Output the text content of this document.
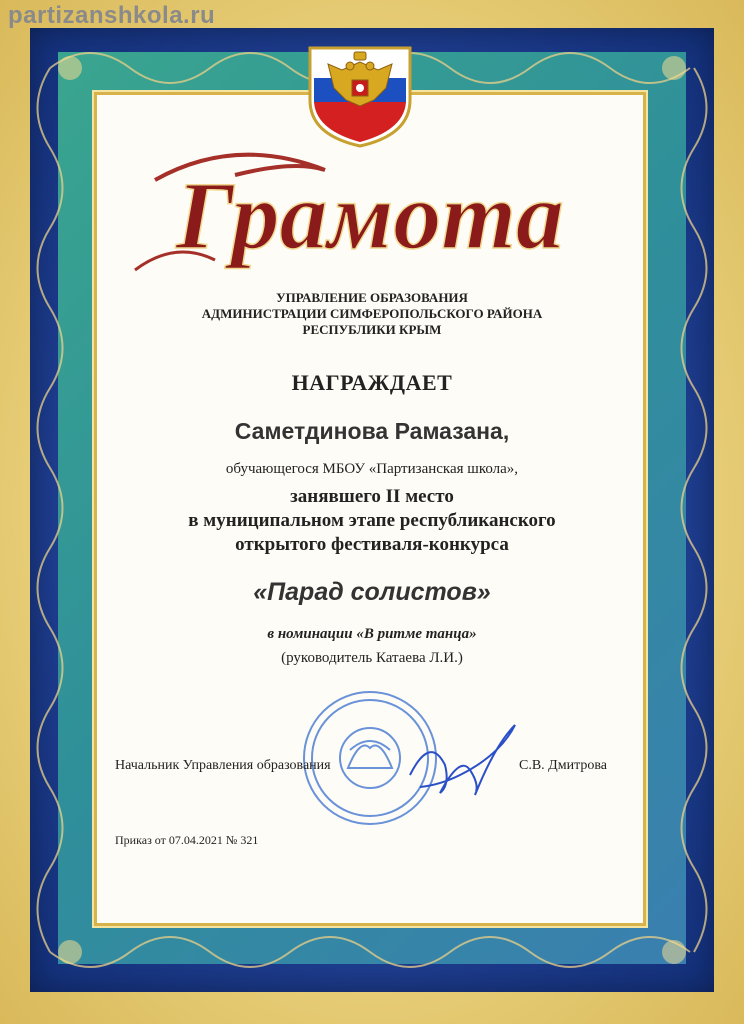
partizanshkola.ru
Грамота
УПРАВЛЕНИЕ ОБРАЗОВАНИЯ
АДМИНИСТРАЦИИ СИМФЕРОПОЛЬСКОГО РАЙОНА
РЕСПУБЛИКИ КРЫМ
НАГРАЖДАЕТ
Саметдинова Рамазана,
обучающегося МБОУ «Партизанская школа»,
занявшего II место
в муниципальном этапе республиканского
открытого фестиваля-конкурса
«Парад солистов»
в номинации «В ритме танца»
(руководитель Катаева Л.И.)
Начальник Управления образования	С.В. Дмитрова
Приказ от 07.04.2021 № 321
